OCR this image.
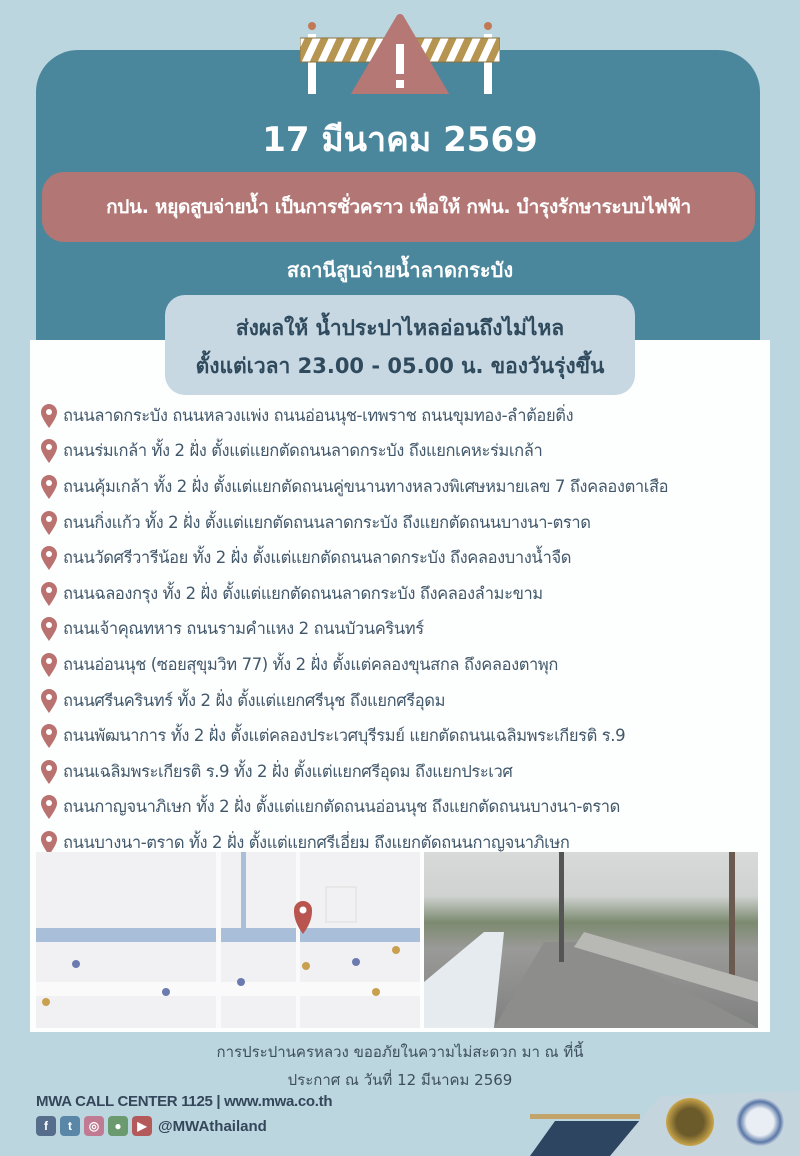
17 มีนาคม 2569
กปน. หยุดสูบจ่ายน้ำ เป็นการชั่วคราว เพื่อให้ กฟน. บำรุงรักษาระบบไฟฟ้า
สถานีสูบจ่ายน้ำลาดกระบัง
ส่งผลให้ น้ำประปาไหลอ่อนถึงไม่ไหล
ตั้งแต่เวลา 23.00 - 05.00 น. ของวันรุ่งขึ้น
ถนนลาดกระบัง ถนนหลวงแพ่ง ถนนอ่อนนุช-เทพราช ถนนขุมทอง-ลำต้อยติ่ง
ถนนร่มเกล้า ทั้ง 2 ฝั่ง ตั้งแต่แยกตัดถนนลาดกระบัง ถึงแยกเคหะร่มเกล้า
ถนนคุ้มเกล้า ทั้ง 2 ฝั่ง ตั้งแต่แยกตัดถนนคู่ขนานทางหลวงพิเศษหมายเลข 7 ถึงคลองตาเสือ
ถนนกิ่งแก้ว ทั้ง 2 ฝั่ง ตั้งแต่แยกตัดถนนลาดกระบัง ถึงแยกตัดถนนบางนา-ตราด
ถนนวัดศรีวารีน้อย ทั้ง 2 ฝั่ง ตั้งแต่แยกตัดถนนลาดกระบัง ถึงคลองบางน้ำจืด
ถนนฉลองกรุง ทั้ง 2 ฝั่ง ตั้งแต่แยกตัดถนนลาดกระบัง ถึงคลองลำมะขาม
ถนนเจ้าคุณทหาร ถนนรามคำแหง 2 ถนนบัวนครินทร์
ถนนอ่อนนุช (ซอยสุขุมวิท 77) ทั้ง 2 ฝั่ง ตั้งแต่คลองขุนสกล ถึงคลองตาพุก
ถนนศรีนครินทร์ ทั้ง 2 ฝั่ง ตั้งแต่แยกศรีนุช ถึงแยกศรีอุดม
ถนนพัฒนาการ ทั้ง 2 ฝั่ง ตั้งแต่คลองประเวศบุรีรมย์ แยกตัดถนนเฉลิมพระเกียรติ ร.9
ถนนเฉลิมพระเกียรติ ร.9 ทั้ง 2 ฝั่ง ตั้งแต่แยกศรีอุดม ถึงแยกประเวศ
ถนนกาญจนาภิเษก ทั้ง 2 ฝั่ง ตั้งแต่แยกตัดถนนอ่อนนุช ถึงแยกตัดถนนบางนา-ตราด
ถนนบางนา-ตราด ทั้ง 2 ฝั่ง ตั้งแต่แยกศรีเอี่ยม ถึงแยกตัดถนนกาญจนาภิเษก
การประปานครหลวง ขออภัยในความไม่สะดวก มา ณ ที่นี้
ประกาศ ณ วันที่ 12 มีนาคม 2569
MWA CALL CENTER 1125 | www.mwa.co.th
f	t	◎	●	▶ @MWAthailand
